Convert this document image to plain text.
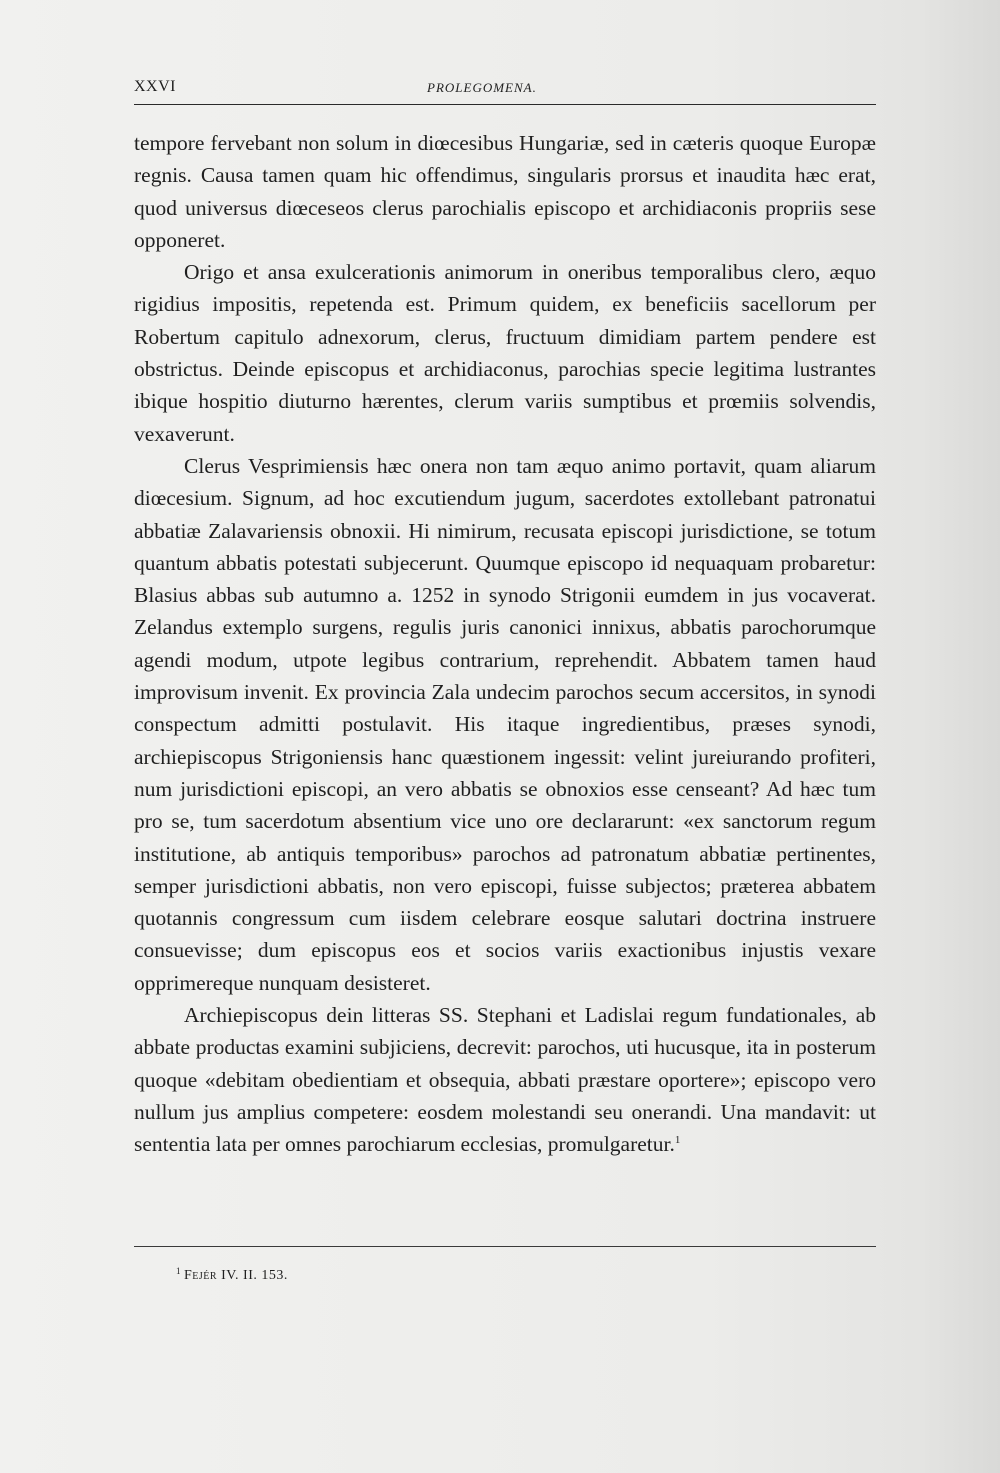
XXVI	PROLEGOMENA.

tempore fervebant non solum in diœcesibus Hungariæ, sed in cæteris quoque Europæ regnis. Causa tamen quam hic offendimus, singularis prorsus et inaudita hæc erat, quod universus diœceseos clerus parochialis episcopo et archidiaconis propriis sese opponeret.

Origo et ansa exulcerationis animorum in oneribus temporalibus clero, æquo rigidius impositis, repetenda est. Primum quidem, ex beneficiis sacellorum per Robertum capitulo adnexorum, clerus, fructuum dimidiam partem pendere est obstrictus. Deinde episcopus et archidiaconus, parochias specie legitima lustrantes ibique hospitio diuturno hærentes, clerum variis sumptibus et prœmiis solvendis, vexaverunt.

Clerus Vesprimiensis hæc onera non tam æquo animo portavit, quam aliarum diœcesium. Signum, ad hoc excutiendum jugum, sacerdotes extollebant patronatui abbatiæ Zalavariensis obnoxii. Hi nimirum, recusata episcopi jurisdictione, se totum quantum abbatis potestati subjecerunt. Quumque episcopo id nequaquam probaretur: Blasius abbas sub autumno a. 1252 in synodo Strigonii eumdem in jus vocaverat. Zelandus extemplo surgens, regulis juris canonici innixus, abbatis parochorumque agendi modum, utpote legibus contrarium, reprehendit. Abbatem tamen haud improvisum invenit. Ex provincia Zala undecim parochos secum accersitos, in synodi conspectum admitti postulavit. His itaque ingredientibus, præses synodi, archiepiscopus Strigoniensis hanc quæstionem ingessit: velint jureiurando profiteri, num jurisdictioni episcopi, an vero abbatis se obnoxios esse censeant? Ad hæc tum pro se, tum sacerdotum absentium vice uno ore declararunt: «ex sanctorum regum institutione, ab antiquis temporibus» parochos ad patronatum abbatiæ pertinentes, semper jurisdictioni abbatis, non vero episcopi, fuisse subjectos; præterea abbatem quotannis congressum cum iisdem celebrare eosque salutari doctrina instruere consuevisse; dum episcopus eos et socios variis exactionibus injustis vexare opprimereque nunquam desisteret.

Archiepiscopus dein litteras SS. Stephani et Ladislai regum fundationales, ab abbate productas examini subjiciens, decrevit: parochos, uti hucusque, ita in posterum quoque «debitam obedientiam et obsequia, abbati præstare oportere»; episcopo vero nullum jus amplius competere: eosdem molestandi seu onerandi. Una mandavit: ut sententia lata per omnes parochiarum ecclesias, promulgaretur.$^1$

$^1$ Fejér IV. II. 153.
